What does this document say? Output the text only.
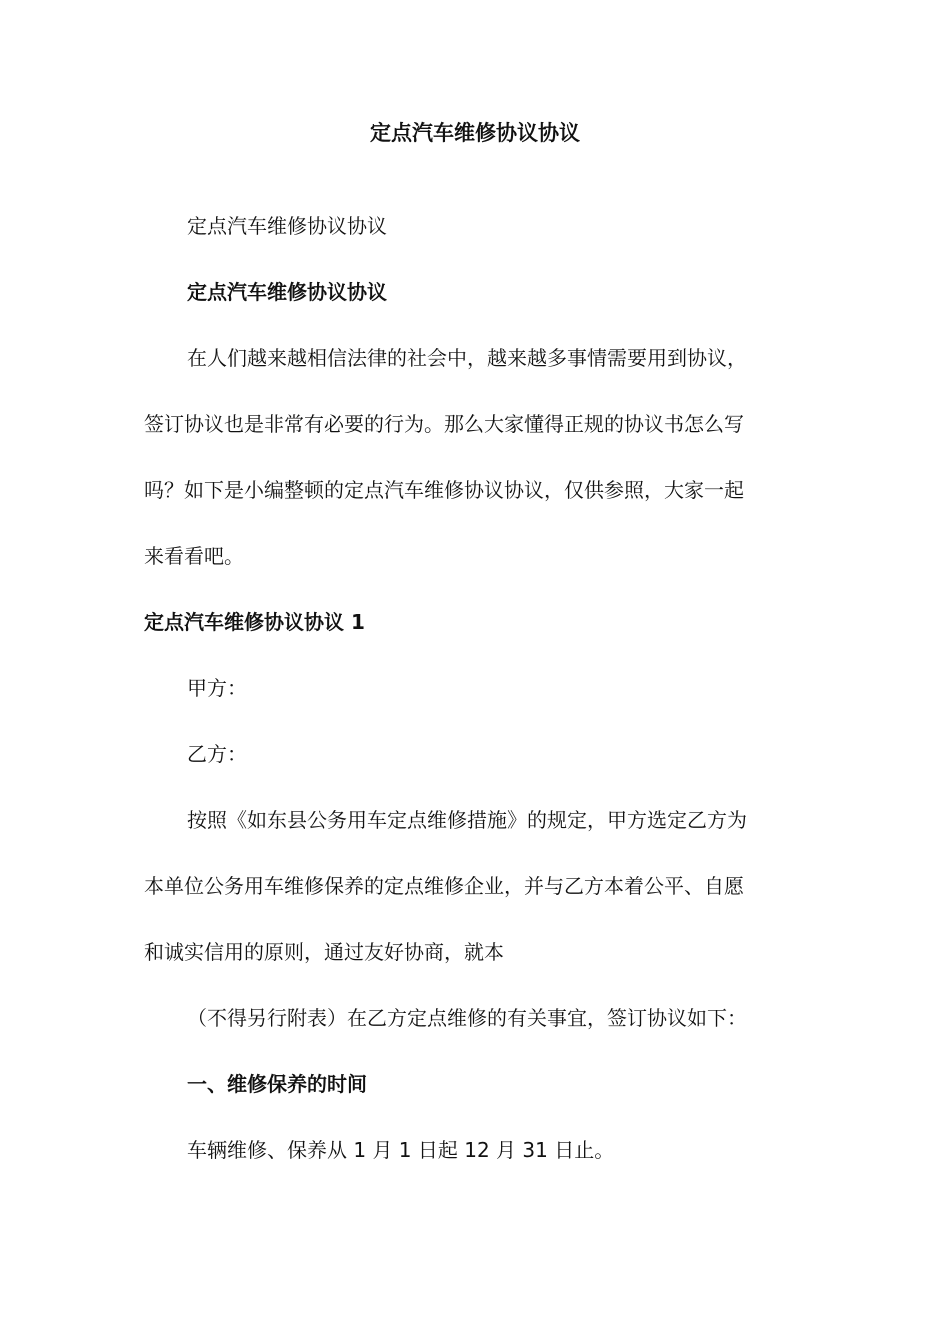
定点汽车维修协议协议
定点汽车维修协议协议
定点汽车维修协议协议
在人们越来越相信法律的社会中，越来越多事情需要用到协议，
签订协议也是非常有必要的行为。那么大家懂得正规的协议书怎么写
吗？如下是小编整顿的定点汽车维修协议协议，仅供参照，大家一起
来看看吧。
定点汽车维修协议协议 1
甲方：
乙方：
按照《如东县公务用车定点维修措施》的规定，甲方选定乙方为
本单位公务用车维修保养的定点维修企业，并与乙方本着公平、自愿
和诚实信用的原则，通过友好协商，就本
（不得另行附表）在乙方定点维修的有关事宜，签订协议如下：
一、维修保养的时间
车辆维修、保养从 1 月 1 日起 12 月 31 日止。
